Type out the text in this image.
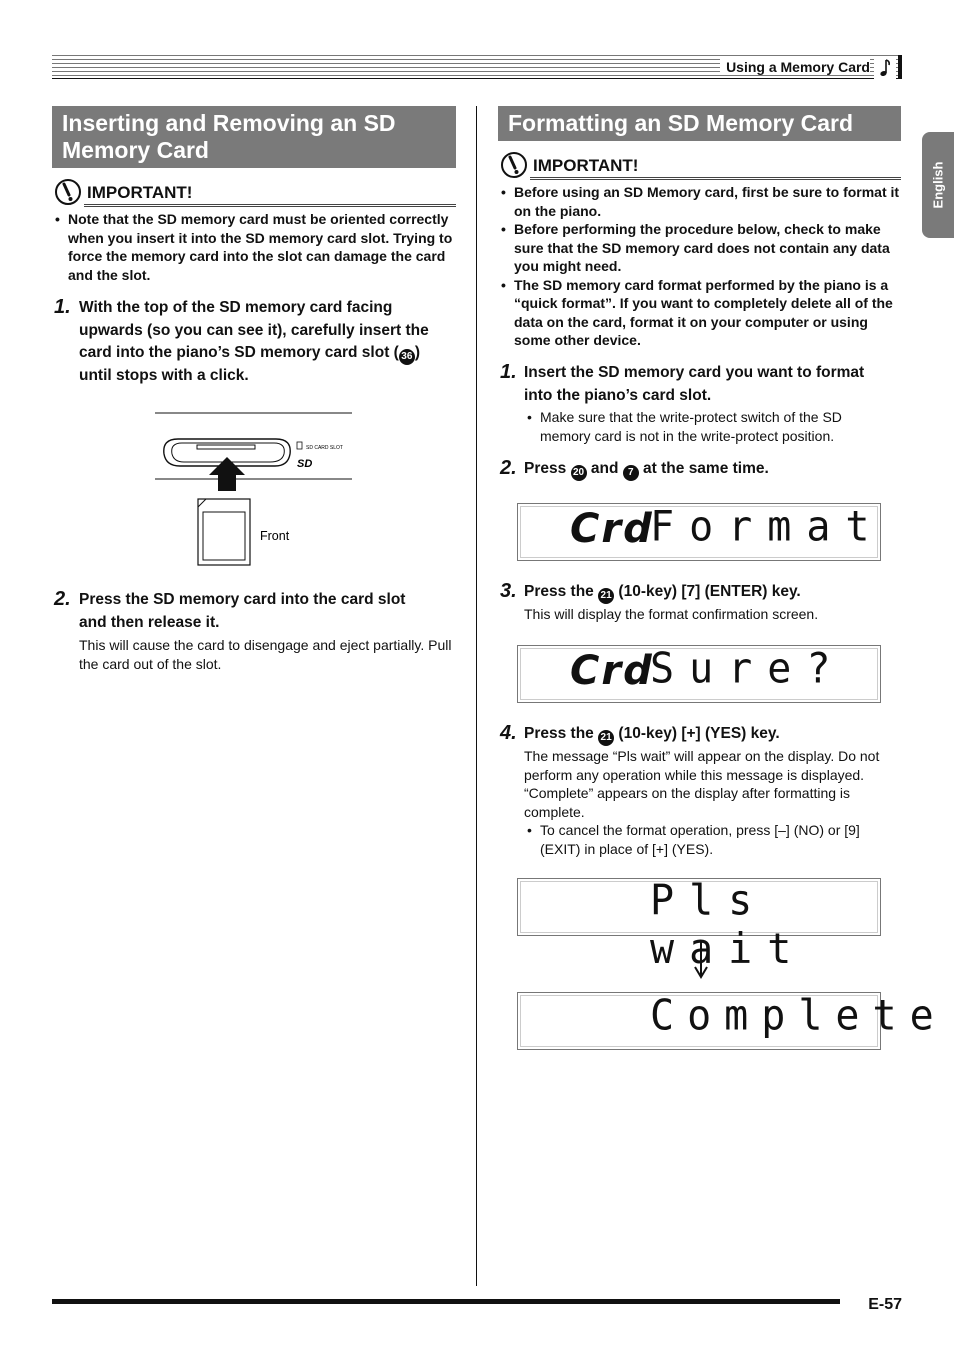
Using a Memory Card
English
Inserting and Removing an SD Memory Card
IMPORTANT!
• Note that the SD memory card must be oriented correctly when you insert it into the SD memory card slot. Trying to force the memory card into the slot can damage the card and the slot.
1. With the top of the SD memory card facing
upwards (so you can see it), carefully insert the
card into the piano’s SD memory card slot ( 36 )
until stops with a click.
SD CARD SLOT
SD
Front
2. Press the SD memory card into the card slot
and then release it.
This will cause the card to disengage and eject partially. Pull the card out of the slot.
Formatting an SD Memory Card
IMPORTANT!
• Before using an SD Memory card, first be sure to format it on the piano.
• Before performing the procedure below, check to make sure that the SD memory card does not contain any data you might need.
• The SD memory card format performed by the piano is a “quick format”. If you want to completely delete all of the data on the card, format it on your computer or using some other device.
1. Insert the SD memory card you want to format
into the piano’s card slot.
• Make sure that the write-protect switch of the SD memory card is not in the write-protect position.
2. Press 20 and 7 at the same time.
Crd
Format
3. Press the 21 (10-key) [7] (ENTER) key.
This will display the format confirmation screen.
Crd
Sure?
4. Press the 21 (10-key) [+] (YES) key.
The message “Pls wait” will appear on the display. Do not perform any operation while this message is displayed. “Complete” appears on the display after formatting is complete.
• To cancel the format operation, press [–] (NO) or [9] (EXIT) in place of [+] (YES).
Pls wait
Complete
E-57
